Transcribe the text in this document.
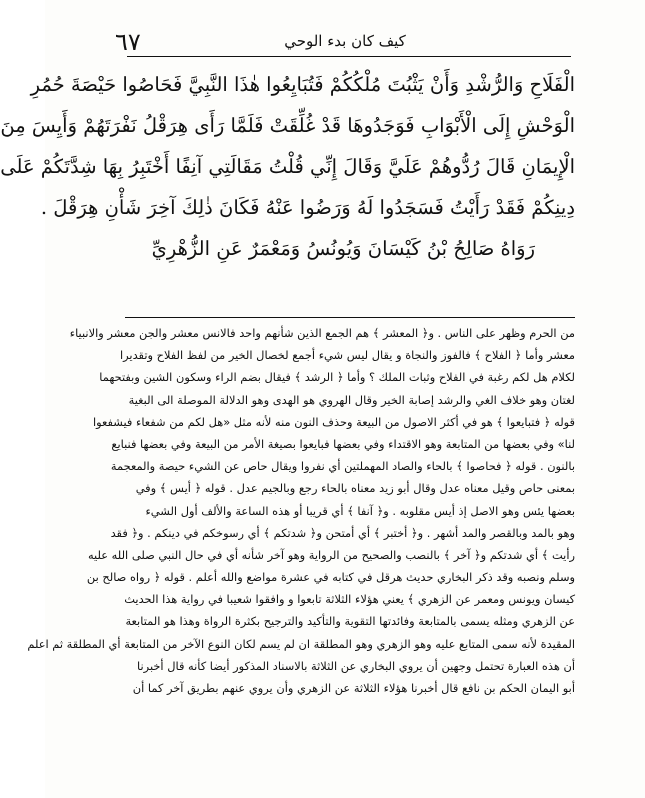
٦٧	كيف كان بدء الوحي
الْفَلَاحِ وَالرُّشْدِ وَأَنْ يَثْبُتَ مُلْكُكُمْ فَتُبَايِعُوا هٰذَا النَّبِيَّ فَحَاصُوا حَيْصَةَ حُمُرِ
الْوَحْشِ إِلَى الْأَبْوَابِ فَوَجَدُوهَا قَدْ غُلِّقَتْ فَلَمَّا رَأَى هِرَقْلُ نَفْرَتَهُمْ وَأَيِسَ مِنَ
الْإِيمَانِ قَالَ رُدُّوهُمْ عَلَيَّ وَقَالَ إِنِّي قُلْتُ مَقَالَتِي آنِفًا أَخْتَبِرُ بِهَا شِدَّتَكُمْ عَلَى
دِينِكُمْ فَقَدْ رَأَيْتُ فَسَجَدُوا لَهُ وَرَضُوا عَنْهُ فَكَانَ ذٰلِكَ آخِرَ شَأْنِ هِرَقْلَ .
رَوَاهُ صَالِحُ بْنُ كَيْسَانَ وَيُونُسُ وَمَعْمَرٌ عَنِ الزُّهْرِيِّ
من الحرم وظهر على الناس . و﴿ المعشر ﴾ هم الجمع الذين شأنهم واحد فالانس معشر والجن معشر والانبياء
معشر وأما ﴿ الفلاح ﴾ فالفوز والنجاة و يقال ليس شيء أجمع لخصال الخير من لفظ الفلاح وتقديرا
لكلام هل لكم رغبة في الفلاح وثبات الملك ؟ وأما ﴿ الرشد ﴾ فيقال بضم الراء وسكون الشين وبفتحهما
لغتان وهو خلاف الغي والرشد إصابة الخير وقال الهروي هو الهدى وهو الدلالة الموصلة الى البغية
قوله ﴿ فتبايعوا ﴾ هو في أكثر الاصول من البيعة وحذف النون منه لأنه مثل «هل لكم من شفعاء فيشفعوا
لنا» وفي بعضها من المتابعة وهو الاقتداء وفي بعضها فبايعوا بصيغة الأمر من البيعة وفي بعضها فنبايع
بالنون . قوله ﴿ فحاصوا ﴾ بالحاء والصاد المهملتين أي نفروا ويقال حاص عن الشيء حيصة والمعجمة
بمعنى حاص وقيل معناه عدل وقال أبو زيد معناه بالحاء رجع وبالجيم عدل . قوله ﴿ أيس ﴾ وفي
بعضها يئس وهو الاصل إذ أيس مقلوبه . و﴿ آنفا ﴾ أي قريبا أو هذه الساعة والألف أول الشيء
وهو بالمد وبالقصر والمد أشهر . و﴿ أختبر ﴾ أي أمتحن و﴿ شدتكم ﴾ أي رسوخكم في دينكم . و﴿ فقد
رأيت ﴾ أي شدتكم و﴿ آخر ﴾ بالنصب والصحيح من الرواية وهو آخر شأنه أي في حال النبي صلى الله عليه
وسلم ونصبه وقد ذكر البخاري حديث هرقل في كتابه في عشرة مواضع والله أعلم . قوله ﴿ رواه صالح بن
كيسان ويونس ومعمر عن الزهري ﴾ يعني هؤلاء الثلاثة تابعوا و وافقوا شعيبا في رواية هذا الحديث
عن الزهري ومثله يسمى بالمتابعة وفائدتها التقوية والتأكيد والترجيح بكثرة الرواة وهذا هو المتابعة
المقيدة لأنه سمى المتابع عليه وهو الزهري وهو المطلقة ان لم يسم لكان النوع الآخر من المتابعة أي المطلقة ثم اعلم
أن هذه العبارة تحتمل وجهين أن يروي البخاري عن الثلاثة بالاسناد المذكور أيضا كأنه قال أخبرنا
أبو اليمان الحكم بن نافع قال أخبرنا هؤلاء الثلاثة عن الزهري وأن يروي عنهم بطريق آخر كما أن
